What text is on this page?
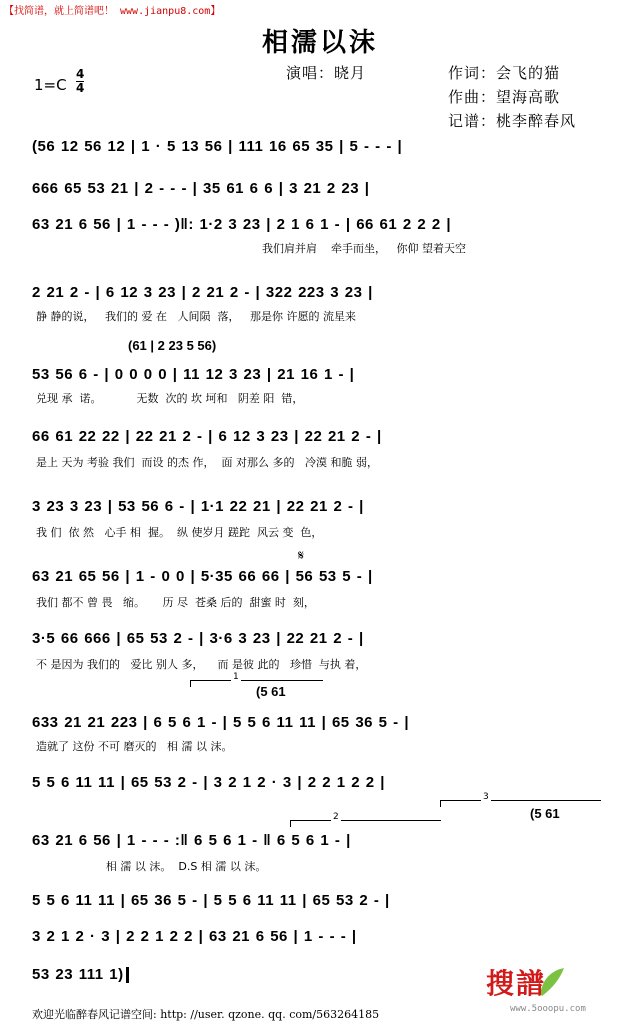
【找简谱，就上简谱吧！ www.jianpu8.com】
相濡以沫
1=C
4
4
演唱：晓月	作词：会飞的猫
作曲：望海高歌
记谱：桃李醉春风
(56 12 56 12 | 1 · 5 13 56 | 111 16 65 35 | 5 - - - |
666 65 53 21 | 2 - - - | 35 61 6 6 | 3 21 2 23 |
63 21 6 56 | 1 - - - )‖: 1·2 3 23 | 2 1 6 1 - | 66 61 2 2 2 |
我们肩并肩    牵手而坐，   你仰 望着天空
2 21 2 - | 6 12 3 23 | 2 21 2 - | 322 223 3 23 |
静 静的说，   我们的 爱 在   人间陨  落，   那是你 许愿的 流星来
(61 | 2 23 5 56)
53 56 6 - | 0 0 0 0 | 11 12 3 23 | 21 16 1 - |
兑现 承  诺。          无数  次的 坎 坷和   阴差 阳  错，
66 61 22 22 | 22 21 2 - | 6 12 3 23 | 22 21 2 - |
是上 天为 考验 我们  而设 的杰 作，  面 对那么 多的   冷漠 和脆 弱，
3 23 3 23 | 53 56 6 - | 1·1 22 21 | 22 21 2 - |
我 们  依 然   心手 相  握。  纵 使岁月 蹉跎  风云 变  色，
𝄋
63 21 65 56 | 1 - 0 0 | 5·35 66 66 | 56 53 5 - |
我们 都不 曾 畏   缩。     历 尽  苍桑 后的  甜蜜 时  刻，
3·5 66 666 | 65 53 2 - | 3·6 3 23 | 22 21 2 - |
不 是因为 我们的   爱比 别人 多，    而 是彼 此的   珍惜  与执 着，
1
(5 61
633 21 21 223 | 6 5 6 1 - | 5 5 6 11 11 | 65 36 5 - |
造就了 这份 不可 磨灭的   相 濡 以 沫。
5 5 6 11 11 | 65 53 2 - | 3 2 1 2 · 3 | 2 2 1 2 2 |
2
3
(5 61
63 21 6 56 | 1 - - - :‖ 6 5 6 1 - ‖ 6 5 6 1 - |
相 濡 以 沫。  D.S 相 濡 以 沫。
5 5 6 11 11 | 65 36 5 - | 5 5 6 11 11 | 65 53 2 - |
3 2 1 2 · 3 | 2 2 1 2 2 | 63 21 6 56 | 1 - - - |
53 23 111 1)	搜譜
www.5ooopu.com
欢迎光临醉春风记谱空间: http: //user. qzone. qq. com/563264185
